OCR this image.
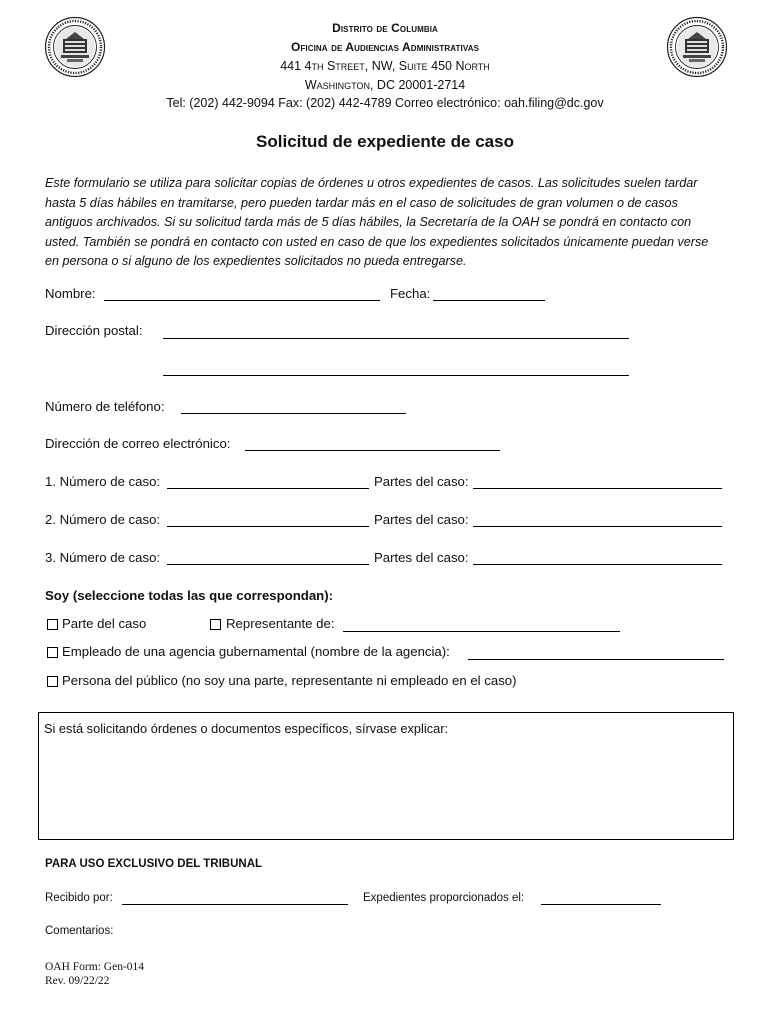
Distrito de Columbia
Oficina de Audiencias Administrativas
441 4th Street, NW, Suite 450 North
Washington, DC 20001-2714
Tel: (202) 442-9094 Fax: (202) 442-4789 Correo electrónico: oah.filing@dc.gov
Solicitud de expediente de caso
Este formulario se utiliza para solicitar copias de órdenes u otros expedientes de casos. Las solicitudes suelen tardar hasta 5 días hábiles en tramitarse, pero pueden tardar más en el caso de solicitudes de gran volumen o de casos antiguos archivados. Si su solicitud tarda más de 5 días hábiles, la Secretaría de la OAH se pondrá en contacto con usted. También se pondrá en contacto con usted en caso de que los expedientes solicitados únicamente puedan verse en persona o si alguno de los expedientes solicitados no pueda entregarse.
Nombre:	Fecha:
Dirección postal:
Número de teléfono:
Dirección de correo electrónico:
1. Número de caso:	Partes del caso:
2. Número de caso:	Partes del caso:
3. Número de caso:	Partes del caso:
Soy (seleccione todas las que correspondan):
Parte del caso	Representante de:
Empleado de una agencia gubernamental (nombre de la agencia):
Persona del público (no soy una parte, representante ni empleado en el caso)
Si está solicitando órdenes o documentos específicos, sírvase explicar:
PARA USO EXCLUSIVO DEL TRIBUNAL
Recibido por:	Expedientes proporcionados el:
Comentarios:
OAH Form: Gen-014
Rev. 09/22/22
